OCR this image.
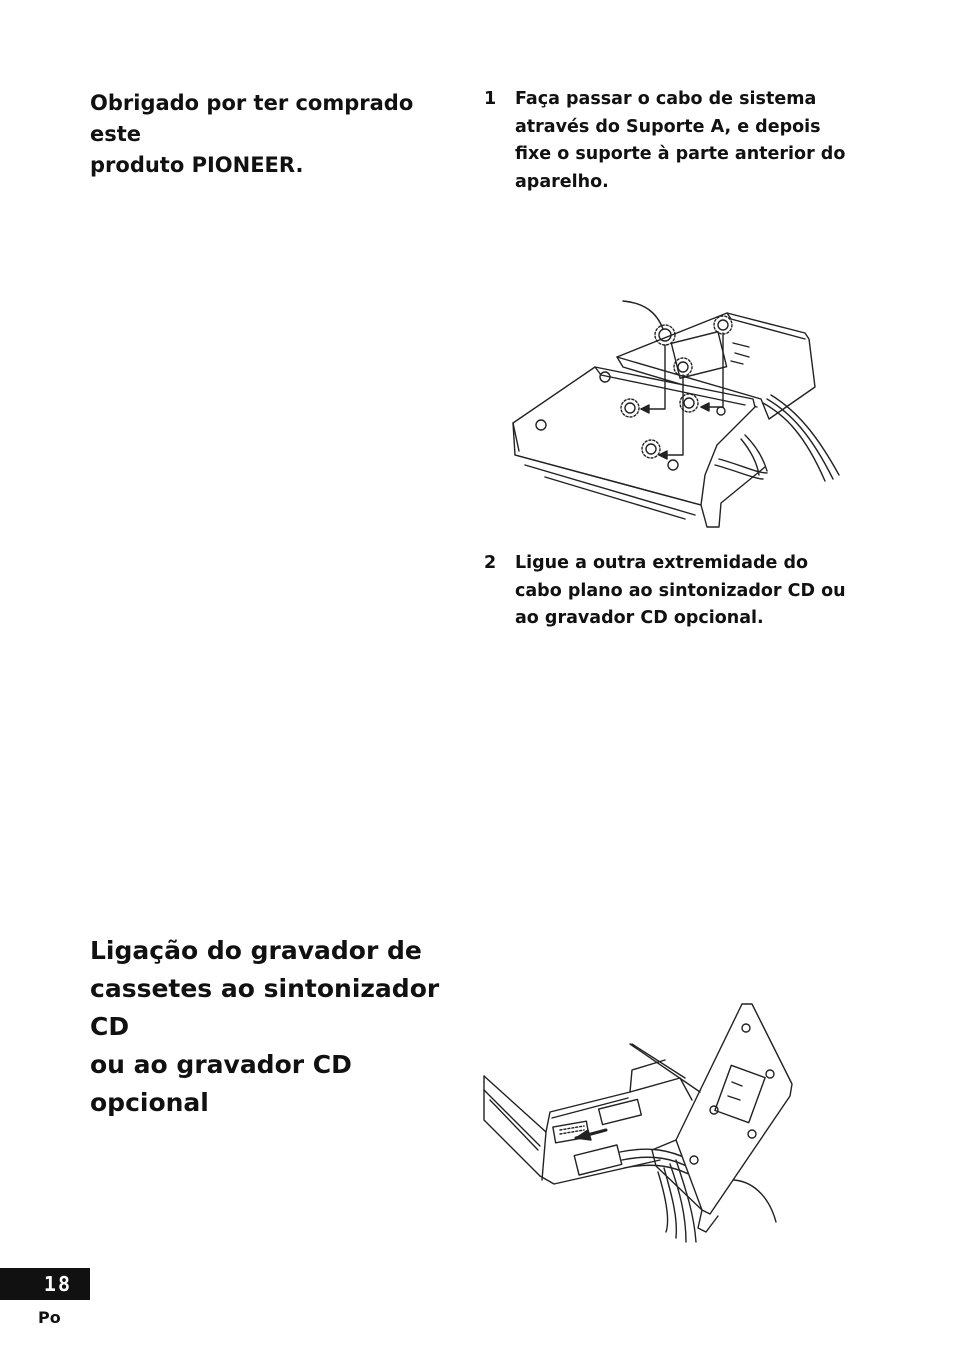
Obrigado por ter comprado este
produto PIONEER.
1	Faça passar o cabo de sistema
através do Suporte A, e depois
fixe o suporte à parte anterior do
aparelho.
2	Ligue a outra extremidade do
cabo plano ao sintonizador CD ou
ao gravador CD opcional.
Ligação do gravador de
cassetes ao sintonizador CD
ou ao gravador CD opcional
18
Po
